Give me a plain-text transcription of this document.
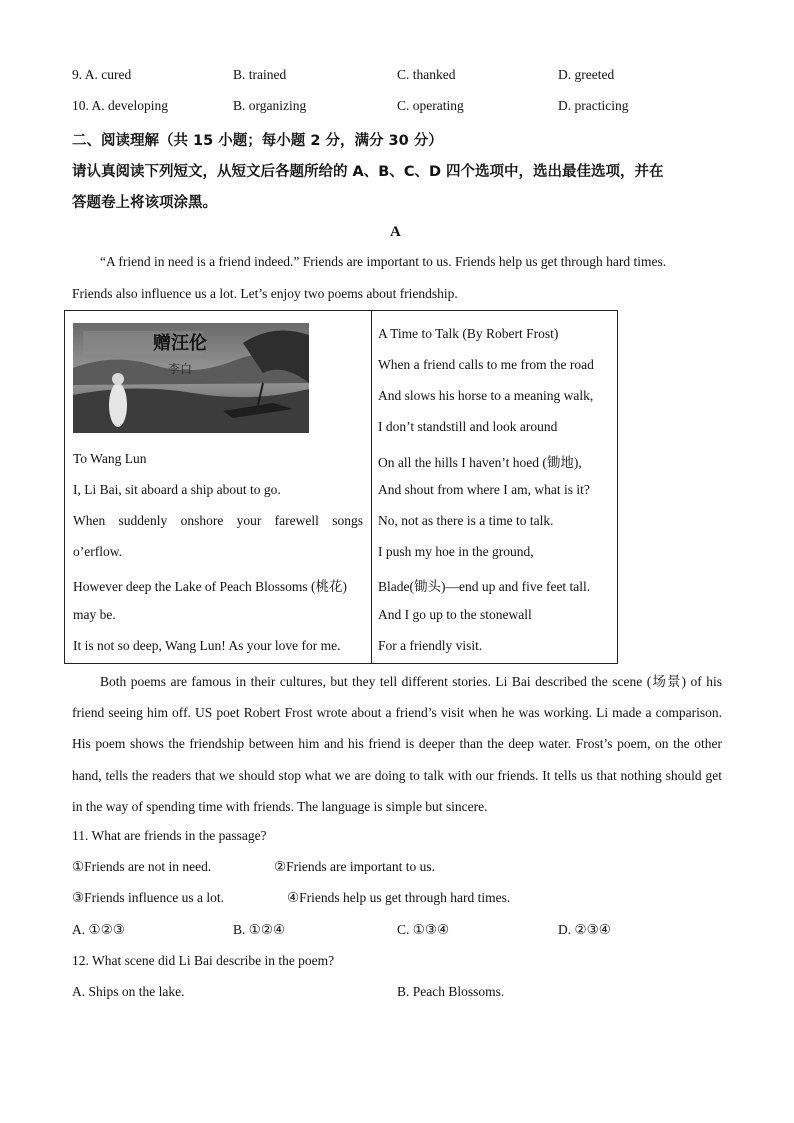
9. A. cured	B. trained	C. thanked	D. greeted
10. A. developing	B. organizing	C. operating	D. practicing
二、阅读理解（共 15 小题；每小题 2 分，满分 30 分）
请认真阅读下列短文，从短文后各题所给的 A、B、C、D 四个选项中，选出最佳选项，并在
答题卷上将该项涂黑。
A
“A friend in need is a friend indeed.” Friends are important to us. Friends help us get through hard times.
Friends also influence us a lot. Let’s enjoy two poems about friendship.
赠汪伦
李白
To Wang Lun
I, Li Bai, sit aboard a ship about to go.
When suddenly onshore your farewell songs
o’erflow.
However deep the Lake of Peach Blossoms (桃花)
may be.
It is not so deep, Wang Lun! As your love for me.

A Time to Talk (By Robert Frost)
When a friend calls to me from the road
And slows his horse to a meaning walk,
I don’t standstill and look around
On all the hills I haven’t hoed (锄地),
And shout from where I am, what is it?
No, not as there is a time to talk.
I push my hoe in the ground,
Blade(锄头)—end up and five feet tall.
And I go up to the stonewall
For a friendly visit.
Both poems are famous in their cultures, but they tell different stories. Li Bai described the scene (场景) of his friend seeing him off. US poet Robert Frost wrote about a friend’s visit when he was working. Li made a comparison. His poem shows the friendship between him and his friend is deeper than the deep water. Frost’s poem, on the other hand, tells the readers that we should stop what we are doing to talk with our friends. It tells us that nothing should get in the way of spending time with friends. The language is simple but sincere.
11. What are friends in the passage?
①Friends are not in need.	②Friends are important to us.
③Friends influence us a lot.	④Friends help us get through hard times.
A. ①②③	B. ①②④	C. ①③④	D. ②③④
12. What scene did Li Bai describe in the poem?
A. Ships on the lake.	B. Peach Blossoms.
